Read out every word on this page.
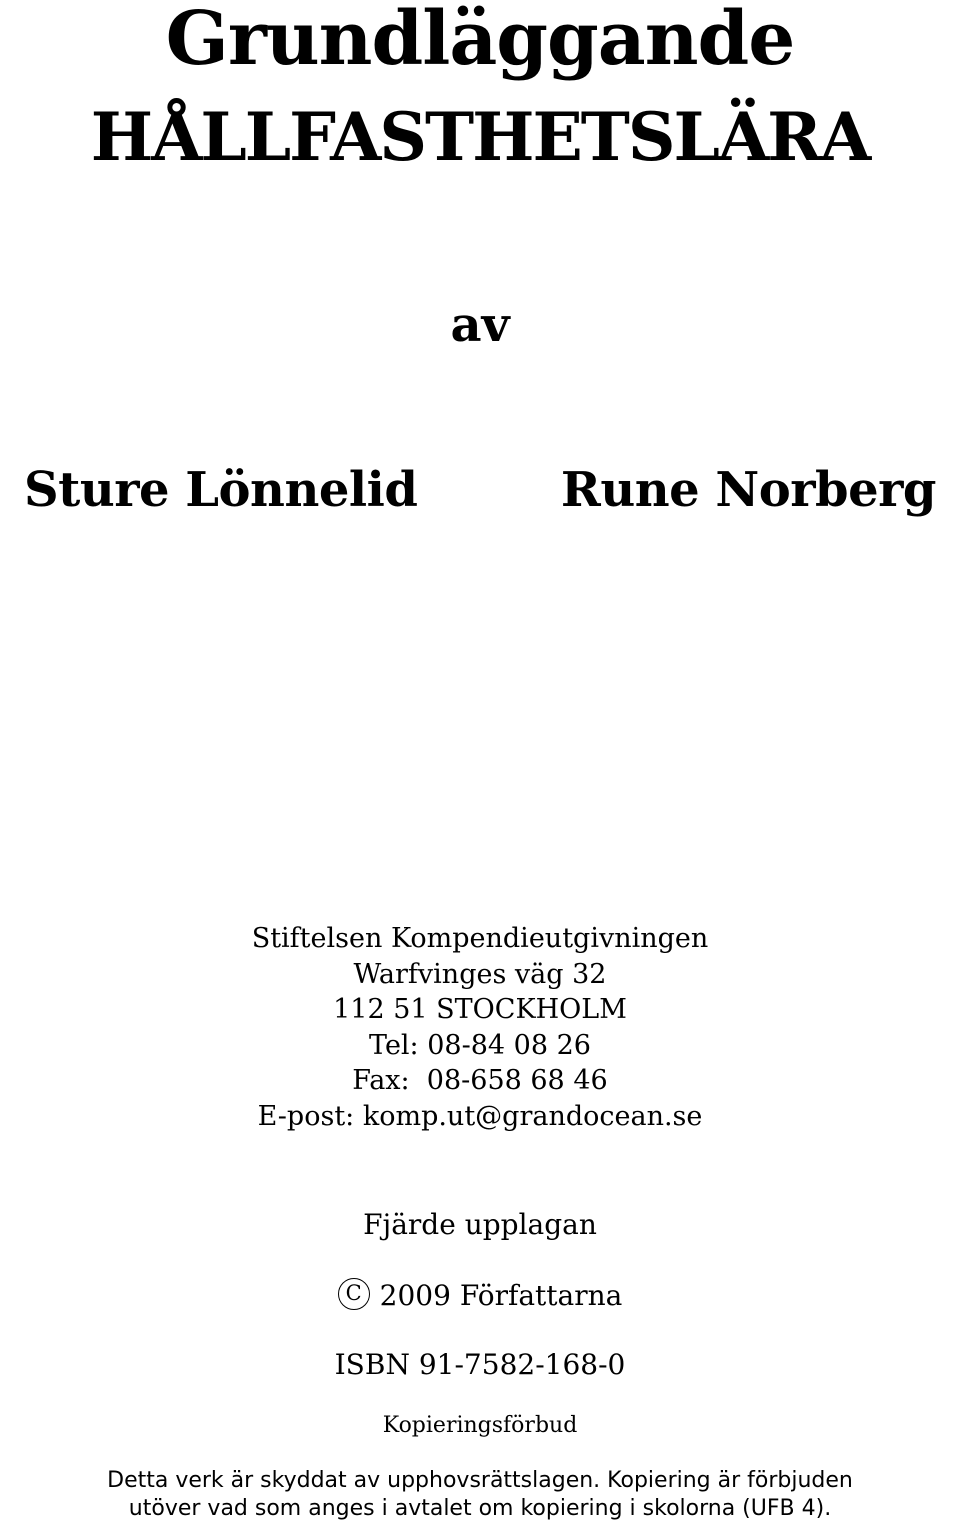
Grundläggande
HÅLLFASTHETSLÄRA
av
Sture Lönnelid	Rune Norberg
Stiftelsen Kompendieutgivningen
Warfvinges väg 32
112 51 STOCKHOLM
Tel: 08-84 08 26
Fax:  08-658 68 46
E-post: komp.ut@grandocean.se
Fjärde upplagan
C 2009 Författarna
ISBN 91-7582-168-0
Kopieringsförbud
Detta verk är skyddat av upphovsrättslagen. Kopiering är förbjuden
utöver vad som anges i avtalet om kopiering i skolorna (UFB 4).
